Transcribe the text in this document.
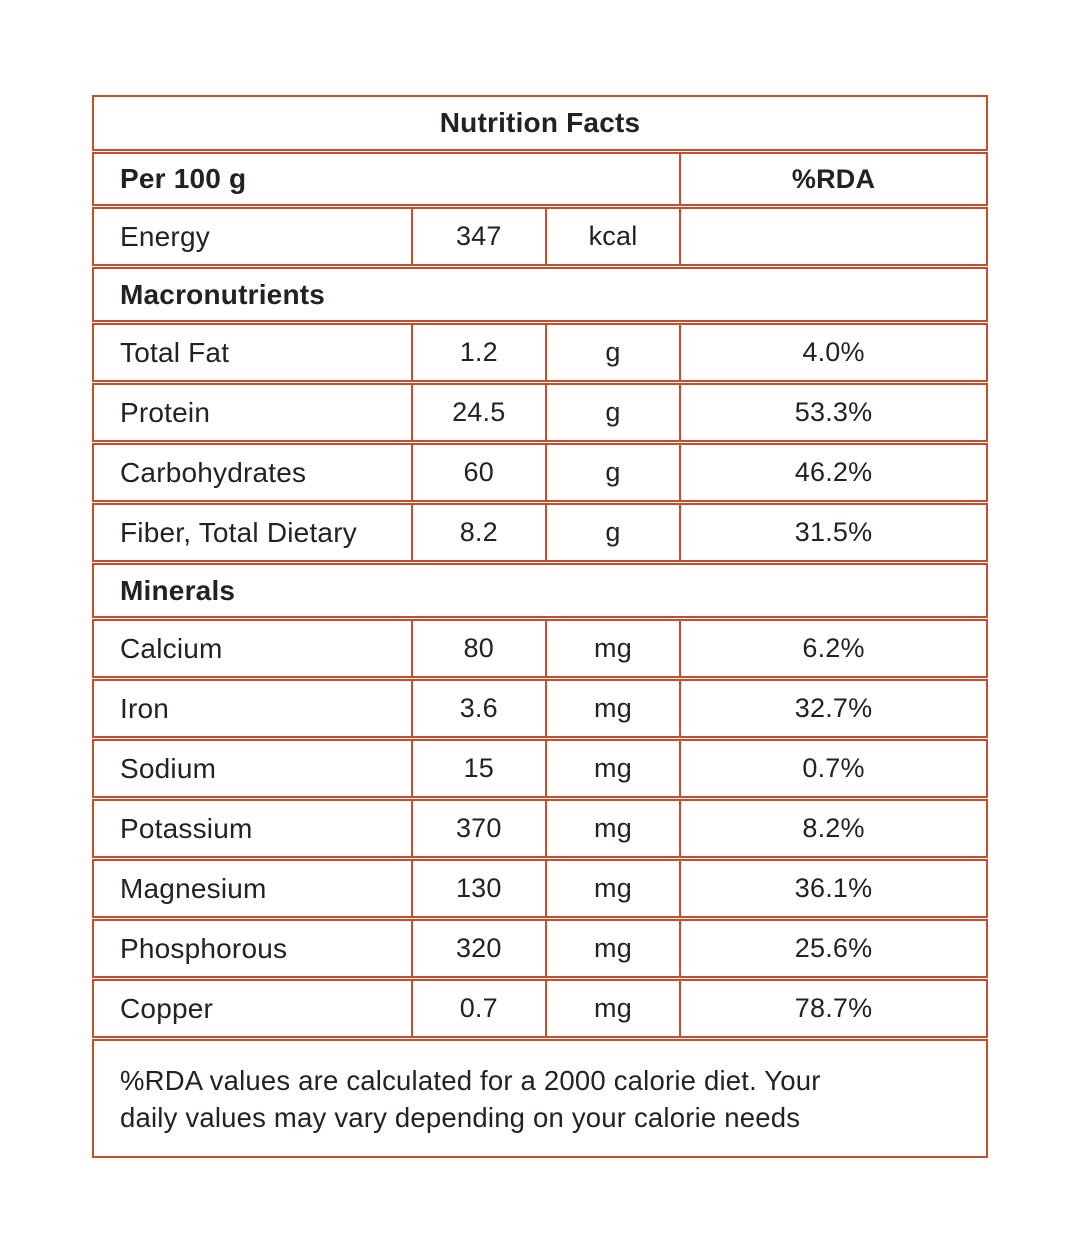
Nutrition Facts
Per 100 g	%RDA
Energy	347	kcal
Macronutrients
Total Fat	1.2	g	4.0%
Protein	24.5	g	53.3%
Carbohydrates	60	g	46.2%
Fiber, Total Dietary	8.2	g	31.5%
Minerals
Calcium	80	mg	6.2%
Iron	3.6	mg	32.7%
Sodium	15	mg	0.7%
Potassium	370	mg	8.2%
Magnesium	130	mg	36.1%
Phosphorous	320	mg	25.6%
Copper	0.7	mg	78.7%
%RDA values are calculated for a 2000 calorie diet. Your
daily values may vary depending on your calorie needs
